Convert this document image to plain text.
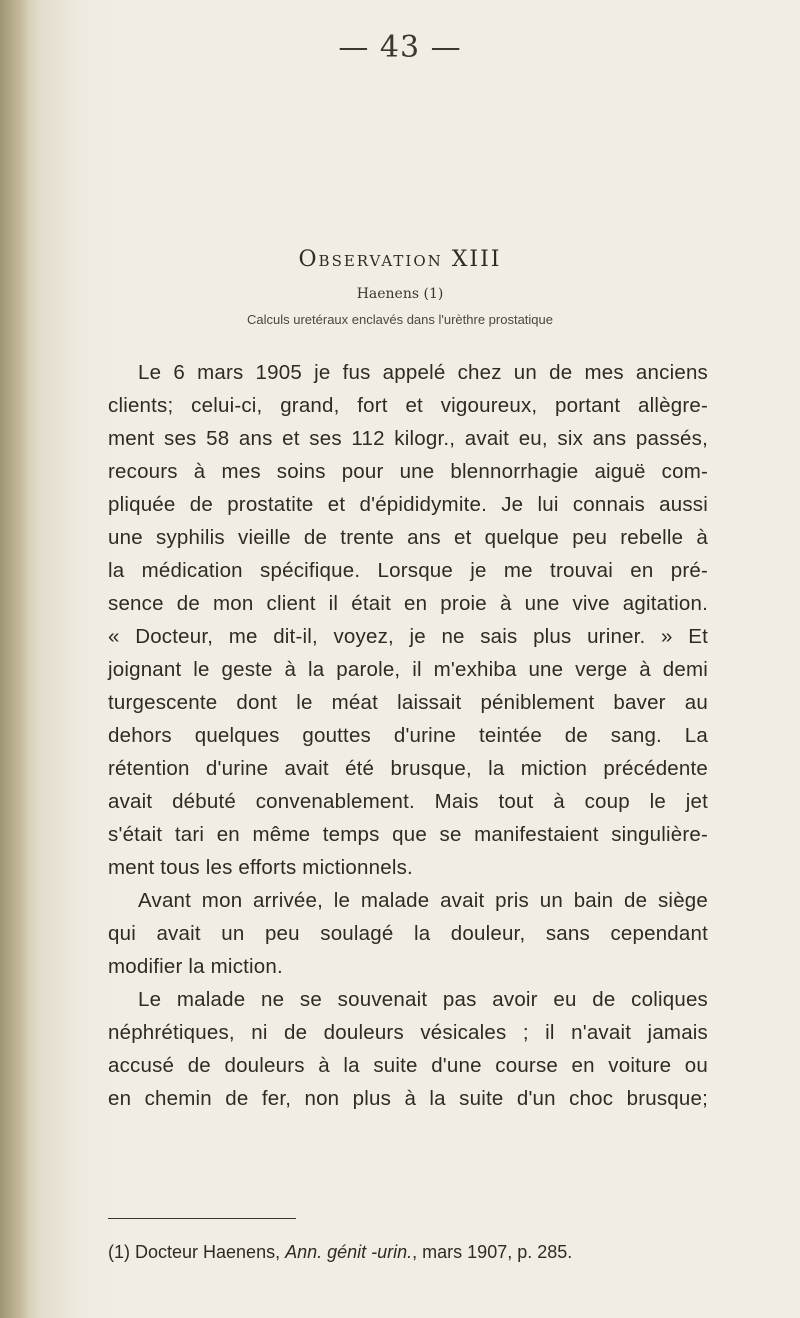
— 43 —
Observation XIII
Haenens (1)
Calculs uretéraux enclavés dans l'urèthre prostatique
Le 6 mars 1905 je fus appelé chez un de mes anciens
clients; celui-ci, grand, fort et vigoureux, portant allègre-
ment ses 58 ans et ses 112 kilogr., avait eu, six ans passés,
recours à mes soins pour une blennorrhagie aiguë com-
pliquée de prostatite et d'épididymite. Je lui connais aussi
une syphilis vieille de trente ans et quelque peu rebelle à
la médication spécifique. Lorsque je me trouvai en pré-
sence de mon client il était en proie à une vive agitation.
« Docteur, me dit-il, voyez, je ne sais plus uriner. » Et
joignant le geste à la parole, il m'exhiba une verge à demi
turgescente dont le méat laissait péniblement baver au
dehors quelques gouttes d'urine teintée de sang. La
rétention d'urine avait été brusque, la miction précédente
avait débuté convenablement. Mais tout à coup le jet
s'était tari en même temps que se manifestaient singulière-
ment tous les efforts mictionnels.
Avant mon arrivée, le malade avait pris un bain de siège
qui avait un peu soulagé la douleur, sans cependant
modifier la miction.
Le malade ne se souvenait pas avoir eu de coliques
néphrétiques, ni de douleurs vésicales ; il n'avait jamais
accusé de douleurs à la suite d'une course en voiture ou
en chemin de fer, non plus à la suite d'un choc brusque;
(1) Docteur Haenens, Ann. génit -urin., mars 1907, p. 285.
